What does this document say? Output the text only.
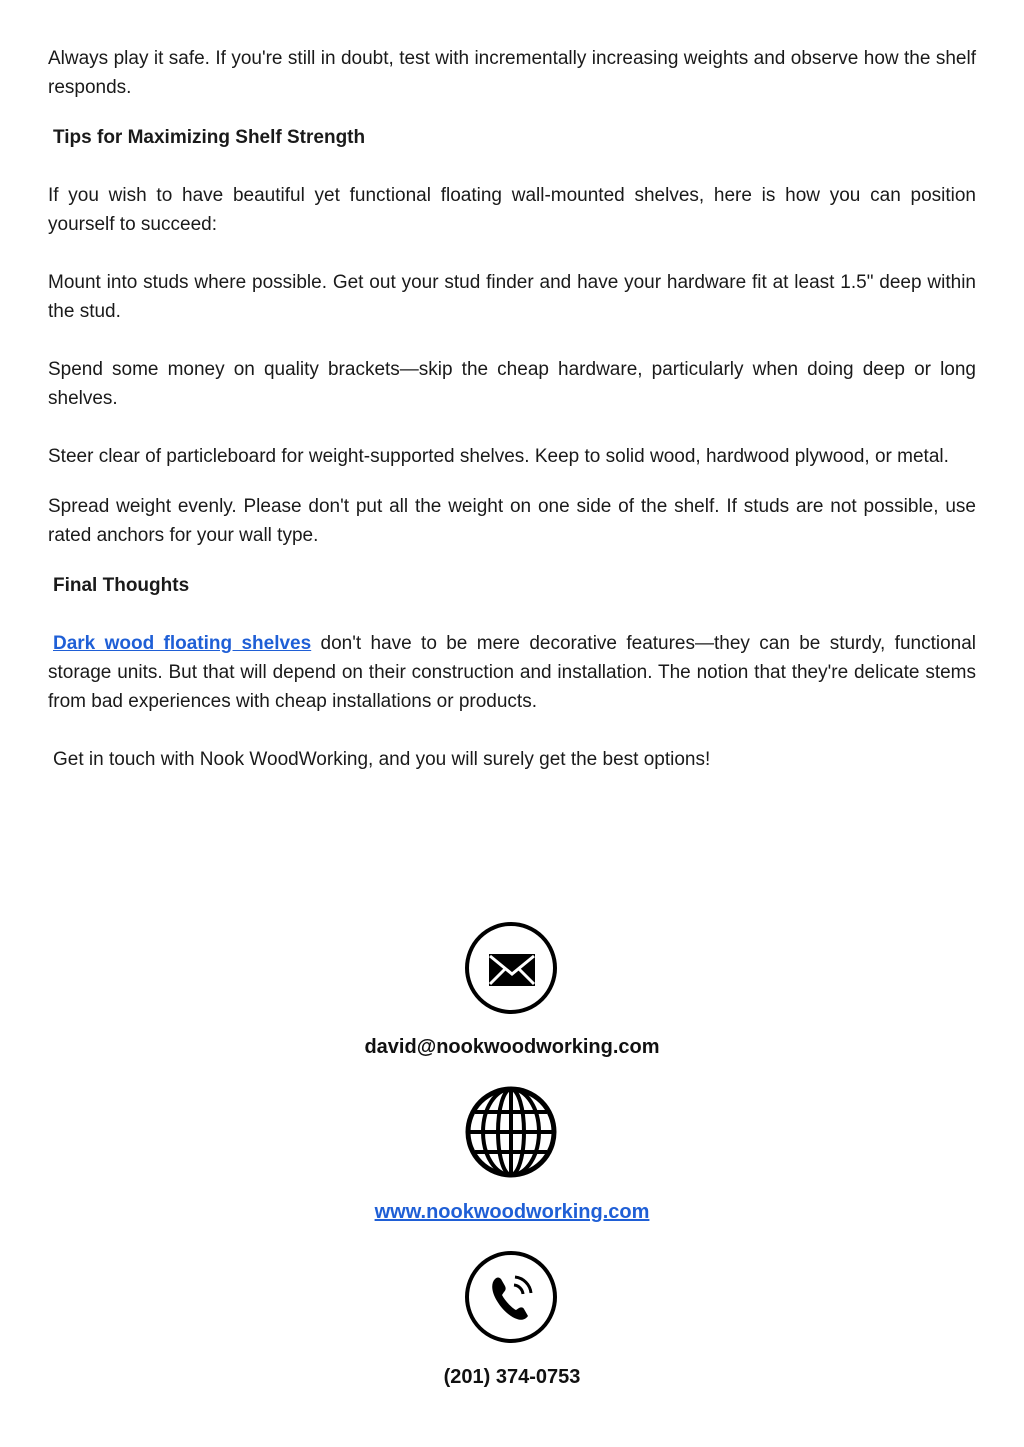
Always play it safe. If you're still in doubt, test with incrementally increasing weights and observe how the shelf responds.

Tips for Maximizing Shelf Strength

If you wish to have beautiful yet functional floating wall-mounted shelves, here is how you can position yourself to succeed:

Mount into studs where possible. Get out your stud finder and have your hardware fit at least 1.5" deep within the stud.

Spend some money on quality brackets—skip the cheap hardware, particularly when doing deep or long shelves.

Steer clear of particleboard for weight-supported shelves. Keep to solid wood, hardwood plywood, or metal.

Spread weight evenly. Please don't put all the weight on one side of the shelf. If studs are not possible, use rated anchors for your wall type.

Final Thoughts

Dark wood floating shelves don't have to be mere decorative features—they can be sturdy, functional storage units. But that will depend on their construction and installation. The notion that they're delicate stems from bad experiences with cheap installations or products.

Get in touch with Nook WoodWorking, and you will surely get the best options!

david@nookwoodworking.com
www.nookwoodworking.com
(201) 374-0753
